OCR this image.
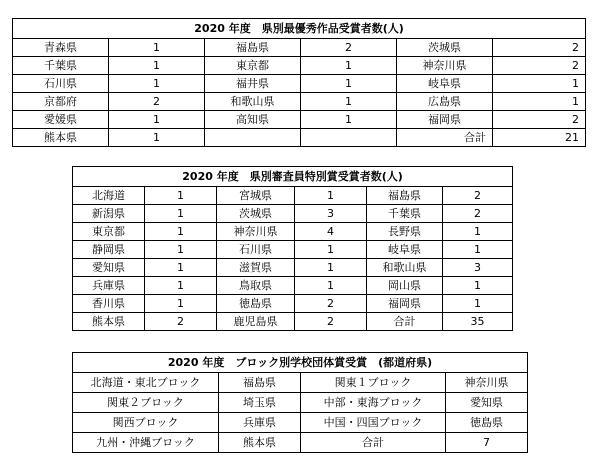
2020 年度　県別最優秀作品受賞者数(人)					
青森県	1	福島県	2	茨城県	2
千葉県	1	東京都	1	神奈川県	2
石川県	1	福井県	1	岐阜県	1
京都府	2	和歌山県	1	広島県	1
愛媛県	1	高知県	1	福岡県	2
熊本県	1			合計	21
2020 年度　県別審査員特別賞受賞者数(人)					
北海道	1	宮城県	1	福島県	2
新潟県	1	茨城県	3	千葉県	2
東京都	1	神奈川県	4	長野県	1
静岡県	1	石川県	1	岐阜県	1
愛知県	1	滋賀県	1	和歌山県	3
兵庫県	1	鳥取県	1	岡山県	1
香川県	1	徳島県	2	福岡県	1
熊本県	2	鹿児島県	2	合計	35
2020 年度　ブロック別学校団体賞受賞　(都道府県)			
北海道・東北ブロック	福島県	関東１ブロック	神奈川県
関東２ブロック	埼玉県	中部・東海ブロック	愛知県
関西ブロック	兵庫県	中国・四国ブロック	徳島県
九州・沖縄ブロック	熊本県	合計	7
